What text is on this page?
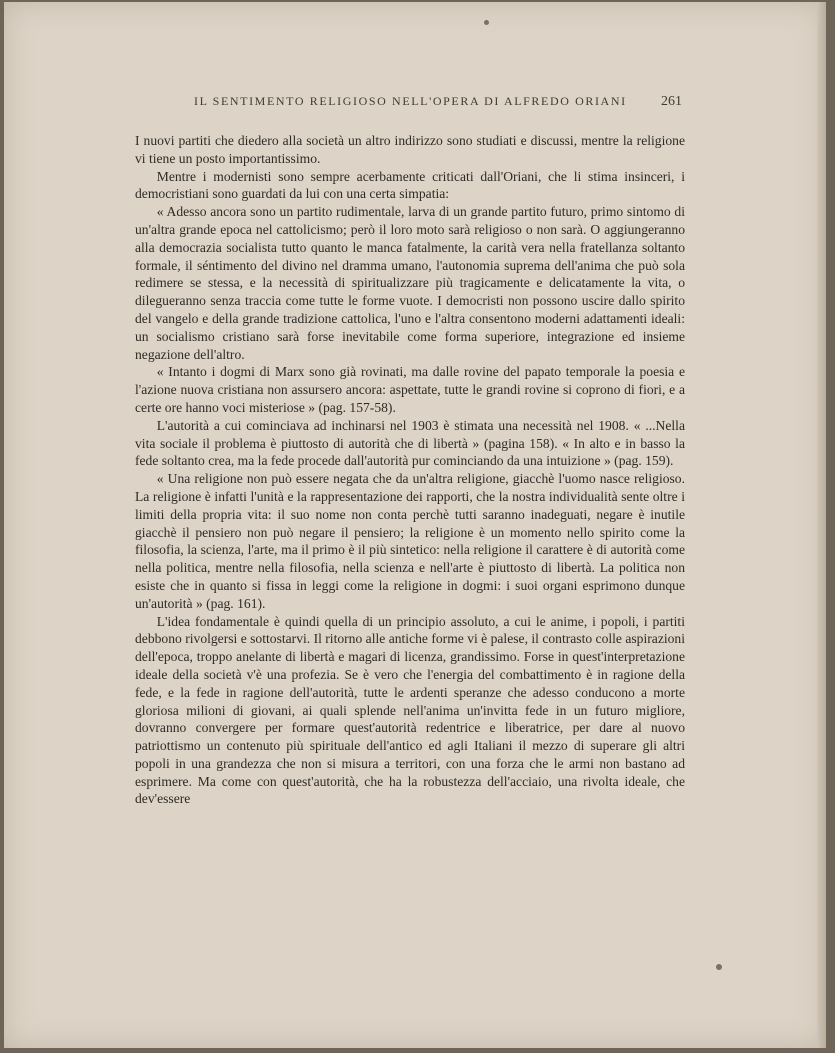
IL SENTIMENTO RELIGIOSO NELL'OPERA DI ALFREDO ORIANI 261

I nuovi partiti che diedero alla società un altro indirizzo sono studiati e discussi, mentre la religione vi tiene un posto importantissimo.

Mentre i modernisti sono sempre acerbamente criticati dall'Oriani, che li stima insinceri, i democristiani sono guardati da lui con una certa simpatia:

« Adesso ancora sono un partito rudimentale, larva di un grande partito futuro, primo sintomo di un'altra grande epoca nel cattolicismo; però il loro moto sarà religioso o non sarà. O aggiungeranno alla democrazia socialista tutto quanto le manca fatalmente, la carità vera nella fratellanza soltanto formale, il séntimento del divino nel dramma umano, l'autonomia suprema dell'anima che può sola redimere se stessa, e la necessità di spiritualizzare più tragicamente e delicatamente la vita, o dilegueranno senza traccia come tutte le forme vuote. I democristi non possono uscire dallo spirito del vangelo e della grande tradizione cattolica, l'uno e l'altra consentono moderni adattamenti ideali: un socialismo cristiano sarà forse inevitabile come forma superiore, integrazione ed insieme negazione dell'altro.

« Intanto i dogmi di Marx sono già rovinati, ma dalle rovine del papato temporale la poesia e l'azione nuova cristiana non assursero ancora: aspettate, tutte le grandi rovine si coprono di fiori, e a certe ore hanno voci misteriose » (pag. 157-58).

L'autorità a cui cominciava ad inchinarsi nel 1903 è stimata una necessità nel 1908. « ...Nella vita sociale il problema è piuttosto di autorità che di libertà » (pagina 158). « In alto e in basso la fede soltanto crea, ma la fede procede dall'autorità pur cominciando da una intuizione » (pag. 159).

« Una religione non può essere negata che da un'altra religione, giacchè l'uomo nasce religioso. La religione è infatti l'unità e la rappresentazione dei rapporti, che la nostra individualità sente oltre i limiti della propria vita: il suo nome non conta perchè tutti saranno inadeguati, negare è inutile giacchè il pensiero non può negare il pensiero; la religione è un momento nello spirito come la filosofia, la scienza, l'arte, ma il primo è il più sintetico: nella religione il carattere è di autorità come nella politica, mentre nella filosofia, nella scienza e nell'arte è piuttosto di libertà. La politica non esiste che in quanto si fissa in leggi come la religione in dogmi: i suoi organi esprimono dunque un'autorità » (pag. 161).

L'idea fondamentale è quindi quella di un principio assoluto, a cui le anime, i popoli, i partiti debbono rivolgersi e sottostarvi. Il ritorno alle antiche forme vi è palese, il contrasto colle aspirazioni dell'epoca, troppo anelante di libertà e magari di licenza, grandissimo. Forse in quest'interpretazione ideale della società v'è una profezia. Se è vero che l'energia del combattimento è in ragione della fede, e la fede in ragione dell'autorità, tutte le ardenti speranze che adesso conducono a morte gloriosa milioni di giovani, ai quali splende nell'anima un'invitta fede in un futuro migliore, dovranno convergere per formare quest'autorità redentrice e liberatrice, per dare al nuovo patriottismo un contenuto più spirituale dell'antico ed agli Italiani il mezzo di superare gli altri popoli in una grandezza che non si misura a territori, con una forza che le armi non bastano ad esprimere. Ma come con quest'autorità, che ha la robustezza dell'acciaio, una rivolta ideale, che dev'essere
